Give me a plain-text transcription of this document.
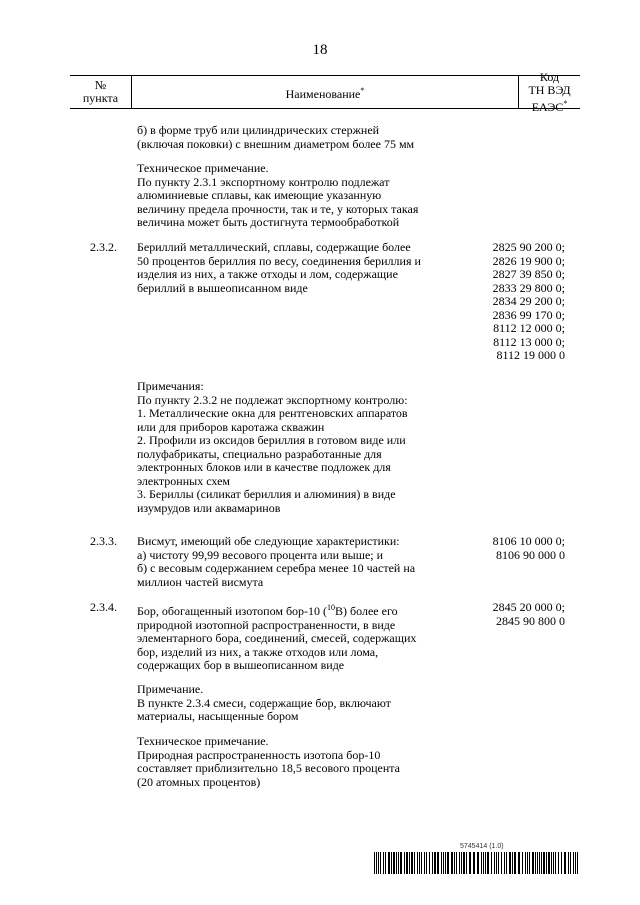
18
№
пункта	Наименование*
Код
ТН ВЭД ЕАЭС*
б) в форме труб или цилиндрических стержней
(включая поковки) с внешним диаметром более 75 мм
Техническое примечание.
По пункту 2.3.1 экспортному контролю подлежат
алюминиевые сплавы, как имеющие указанную
величину предела прочности, так и те, у которых такая
величина может быть достигнута термообработкой
2.3.2. Бериллий металлический, сплавы, содержащие более
50 процентов бериллия по весу, соединения бериллия и
изделия из них, а также отходы и лом, содержащие
бериллий в вышеописанном виде
2825 90 200 0;
2826 19 900 0;
2827 39 850 0;
2833 29 800 0;
2834 29 200 0;
2836 99 170 0;
8112 12 000 0;
8112 13 000 0;
8112 19 000 0
Примечания:
По пункту 2.3.2 не подлежат экспортному контролю:
1. Металлические окна для рентгеновских аппаратов
или для приборов каротажа скважин
2. Профили из оксидов бериллия в готовом виде или
полуфабрикаты, специально разработанные для
электронных блоков или в качестве подложек для
электронных схем
3. Бериллы (силикат бериллия и алюминия) в виде
изумрудов или аквамаринов
2.3.3. Висмут, имеющий обе следующие характеристики:
а) чистоту 99,99 весового процента или выше; и
б) с весовым содержанием серебра менее 10 частей на
миллион частей висмута
8106 10 000 0;
8106 90 000 0
2.3.4. Бор, обогащенный изотопом бор-10 ($^{10}$B) более его
природной изотопной распространенности, в виде
элементарного бора, соединений, смесей, содержащих
бор, изделий из них, а также отходов или лома,
содержащих бор в вышеописанном виде
2845 20 000 0;
2845 90 800 0
Примечание.
В пункте 2.3.4 смеси, содержащие бор, включают
материалы, насыщенные бором
Техническое примечание.
Природная распространенность изотопа бор-10
составляет приблизительно 18,5 весового процента
(20 атомных процентов)
5745414 (1.0)
